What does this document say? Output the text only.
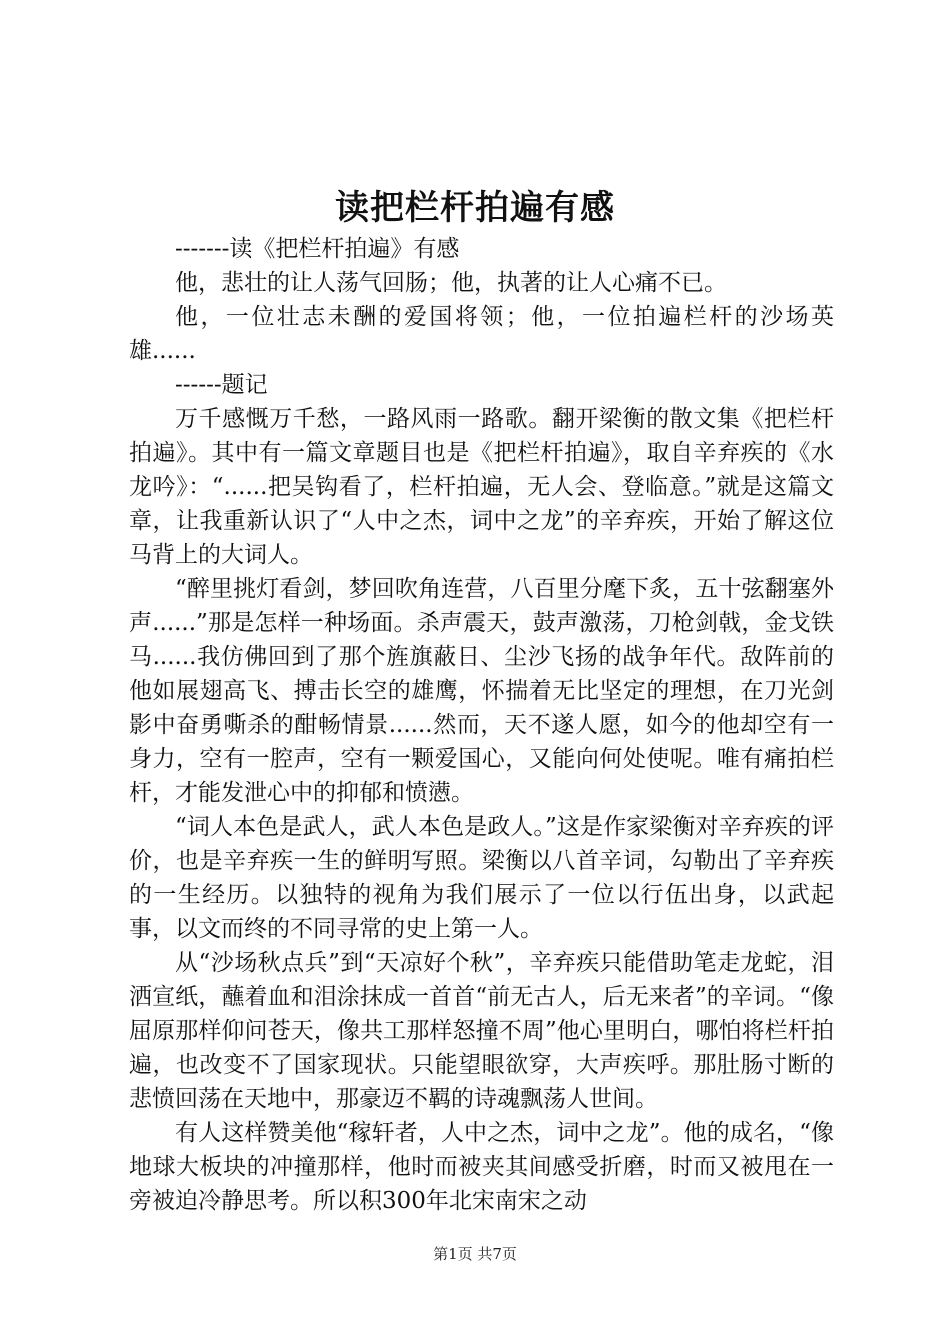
读把栏杆拍遍有感

-------读《把栏杆拍遍》有感

他，悲壮的让人荡气回肠；他，执著的让人心痛不已。

他，一位壮志未酬的爱国将领；他，一位拍遍栏杆的沙场英雄......

------题记

万千感慨万千愁，一路风雨一路歌。翻开梁衡的散文集《把栏杆拍遍》。其中有一篇文章题目也是《把栏杆拍遍》，取自辛弃疾的《水龙吟》：“......把吴钩看了，栏杆拍遍，无人会、登临意。”就是这篇文章，让我重新认识了“人中之杰，词中之龙”的辛弃疾，开始了解这位马背上的大词人。

“醉里挑灯看剑，梦回吹角连营，八百里分麾下炙，五十弦翻塞外声......”那是怎样一种场面。杀声震天，鼓声激荡，刀枪剑戟，金戈铁马......我仿佛回到了那个旌旗蔽日、尘沙飞扬的战争年代。敌阵前的他如展翅高飞、搏击长空的雄鹰，怀揣着无比坚定的理想，在刀光剑影中奋勇嘶杀的酣畅情景......然而，天不遂人愿，如今的他却空有一身力，空有一腔声，空有一颗爱国心，又能向何处使呢。唯有痛拍栏杆，才能发泄心中的抑郁和愤懑。

“词人本色是武人，武人本色是政人。”这是作家梁衡对辛弃疾的评价，也是辛弃疾一生的鲜明写照。梁衡以八首辛词，勾勒出了辛弃疾的一生经历。以独特的视角为我们展示了一位以行伍出身，以武起事，以文而终的不同寻常的史上第一人。

从“沙场秋点兵”到“天凉好个秋”，辛弃疾只能借助笔走龙蛇，泪洒宣纸，蘸着血和泪涂抹成一首首“前无古人，后无来者”的辛词。“像屈原那样仰问苍天，像共工那样怒撞不周”他心里明白，哪怕将栏杆拍遍，也改变不了国家现状。只能望眼欲穿，大声疾呼。那肚肠寸断的悲愤回荡在天地中，那豪迈不羁的诗魂飘荡人世间。

有人这样赞美他“稼轩者，人中之杰，词中之龙”。他的成名，“像地球大板块的冲撞那样，他时而被夹其间感受折磨，时而又被甩在一旁被迫冷静思考。所以积300年北宋南宋之动

第1页 共7页
